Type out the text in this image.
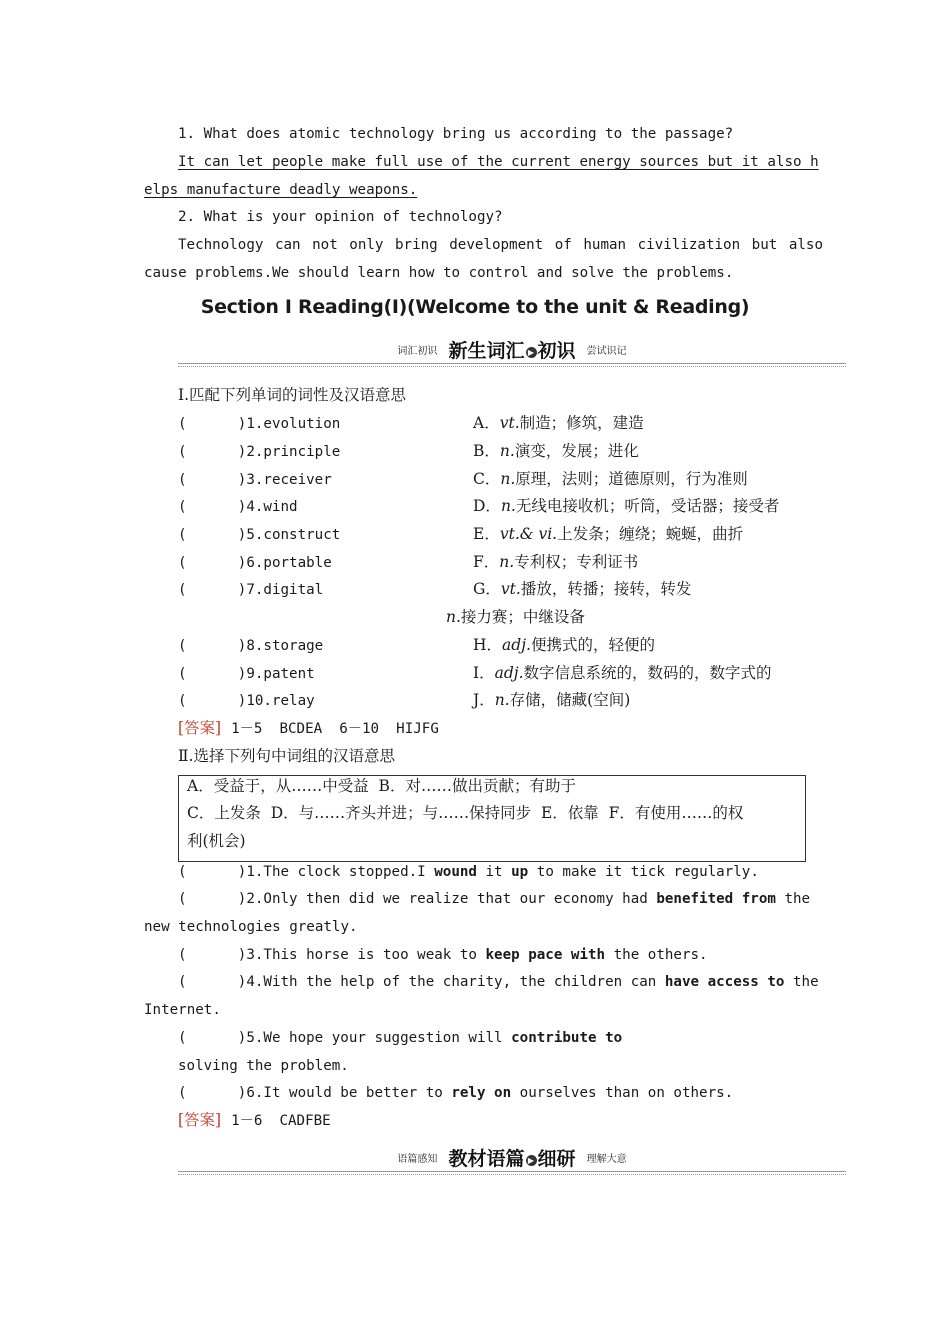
1. What does atomic technology bring us according to the passage?
It can let people make full use of the current energy sources but it also h
elps manufacture deadly weapons.
2. What is your opinion of technology?
Technology can not only bring development of human civilization but also
cause problems.We should learn how to control and solve the problems.
Section Ⅰ Reading(Ⅰ)(Welcome to the unit & Reading)
词汇初识 新生词汇 ▶ 初识 尝试识记
Ⅰ.匹配下列单词的词性及汉语意思
(      )1.evolution
(      )2.principle
(      )3.receiver
(      )4.wind
(      )5.construct
(      )6.portable
(      )7.digital
(      )8.storage
(      )9.patent
(      )10.relay
A．vt.制造；修筑，建造
B．n.演变，发展；进化
C．n.原理，法则；道德原则，行为准则
D．n.无线电接收机；听筒，受话器；接受者
E．vt.& vi.上发条；缠绕；蜿蜒，曲折
F．n.专利权；专利证书
G．vt.播放，转播；接转，转发
n.接力赛；中继设备
H．adj.便携式的，轻便的
I．adj.数字信息系统的，数码的，数字式的
J．n.存储，储藏(空间)
[答案] 1－5  BCDEA  6－10  HIJFG
Ⅱ.选择下列句中词组的汉语意思
A．受益于，从……中受益  B．对……做出贡献；有助于
C．上发条  D．与……齐头并进；与……保持同步  E．依靠  F．有使用……的权
利(机会)
(      )1.The clock stopped.I wound it up to make it tick regularly.
(      )2.Only then did we realize that our economy had benefited from the
new technologies greatly.
(      )3.This horse is too weak to keep pace with the others.
(      )4.With the help of the charity, the children can have access to the
Internet.
(      )5.We hope your suggestion will contribute to
solving the problem.
(      )6.It would be better to rely on ourselves than on others.
[答案] 1－6  CADFBE
语篇感知 教材语篇 ▶ 细研 理解大意
